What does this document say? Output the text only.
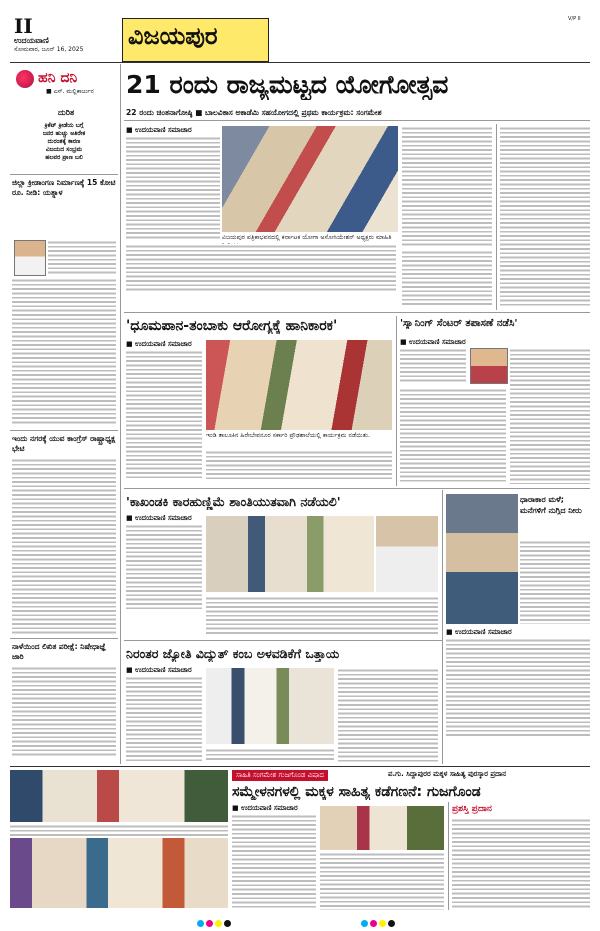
II
ಉದಯವಾಣಿ
ಸೋಮವಾರ, ಜೂನ್ 16, 2025 ವಿಜಯಪುರ
V/P II
ಹನಿ ದನಿ
■ ಎಸ್. ಮಲ್ಲಿಕಾರ್ಜುನ
ದುರಿತ
ಕ್ರಿಕೆಟ್ ಕ್ರೀಡೆಯ ಬಗ್ಗೆ
ಜನರ ಹುಚ್ಚು ಅತಿರೇಕ
ದುರಂತಕ್ಕೆ ಕಾರಣ
ವಿಜಯದ ಸಂಭ್ರಮ
ಹಲವರ ಪ್ರಾಣ ಬಲಿ
ಜಿಲ್ಲಾ ಕ್ರೀಡಾಂಗಣ ನಿರ್ಮಾಣಕ್ಕೆ 15 ಕೋಟಿ ರೂ. ನೀಡಿ: ಯತ್ನಾಳ
ಇಂದು ನಗರಕ್ಕೆ ಯುವ ಕಾಂಗ್ರೆಸ್ ರಾಷ್ಟ್ರಾಧ್ಯಕ್ಷ ಭೇಟಿ
ನಾಳೆಯಿಂದ ಲಿಖಿತ ಪರೀಕ್ಷೆ: ನಿಷೇಧಾಜ್ಞೆ ಜಾರಿ
21 ರಂದು ರಾಜ್ಯಮಟ್ಟದ ಯೋಗೋತ್ಸವ
22 ರಂದು ಚಿಂತನಾಗೋಷ್ಠಿ ■ ಬಾಲವಿಕಾಸ ಅಕಾಡೆಮಿ ಸಹಯೋಗದಲ್ಲಿ ಪ್ರಥಮ ಕಾರ್ಯಕ್ರಮ: ಸಂಗಮೇಶ
■ ಉದಯವಾಣಿ ಸಮಾಚಾರ
ವಿಜಯಪುರ ಪತ್ರಿಕಾಭವನದಲ್ಲಿ ಕರ್ನಾಟಕ ಯೋಗಾ ಅಸೋಸಿಯೇಶನ್ ಅಧ್ಯಕ್ಷರು ಮಾಹಿತಿ
'ಧೂಮಪಾನ-ತಂಬಾಕು ಆರೋಗ್ಯಕ್ಕೆ ಹಾನಿಕಾರಕ'
■ ಉದಯವಾಣಿ ಸಮಾಚಾರ
ಇಂಡಿ ತಾಲೂಕಿನ ಹಿರೇಬೇವನೂರ ಸರ್ಕಾರಿ ಪ್ರೌಢಶಾಲೆಯಲ್ಲಿ ಕಾರ್ಯಕ್ರಮ ನಡೆಯಿತು.
'ಸ್ಕ್ಯಾನಿಂಗ್ ಸೆಂಟರ್ ತಪಾಸಣೆ ನಡೆಸಿ'
■ ಉದಯವಾಣಿ ಸಮಾಚಾರ
'ಕಾಖಂಡಕಿ ಕಾರಹುಣ್ಣಿಮೆ ಶಾಂತಿಯುತವಾಗಿ ನಡೆಯಲಿ'
■ ಉದಯವಾಣಿ ಸಮಾಚಾರ
ಧಾರಾಕಾರ ಮಳೆ; ಮನೆಗಳಿಗೆ ನುಗ್ಗಿದ ನೀರು
■ ಉದಯವಾಣಿ ಸಮಾಚಾರ
ನಿರಂತರ ಜ್ಯೋತಿ ವಿದ್ಯುತ್ ಕಂಬ ಅಳವಡಿಕೆಗೆ ಒತ್ತಾಯ
■ ಉದಯವಾಣಿ ಸಮಾಚಾರ
ಸಾಹಿತಿ ಸಂಗಮೇಶ ಗುಜಗೊಂಡ ವಿಷಾದ	ಪ.ಗು. ಸಿದ್ದಾಪುರರ ಮಕ್ಕಳ ಸಾಹಿತ್ಯ ಪುರಸ್ಕಾರ ಪ್ರದಾನ
ಸಮ್ಮೇಳನಗಳಲ್ಲಿ ಮಕ್ಕಳ ಸಾಹಿತ್ಯ ಕಡೆಗಣನೆ: ಗುಜಗೊಂಡ
■ ಉದಯವಾಣಿ ಸಮಾಚಾರ	ಪ್ರಶಸ್ತಿ ಪ್ರದಾನ
